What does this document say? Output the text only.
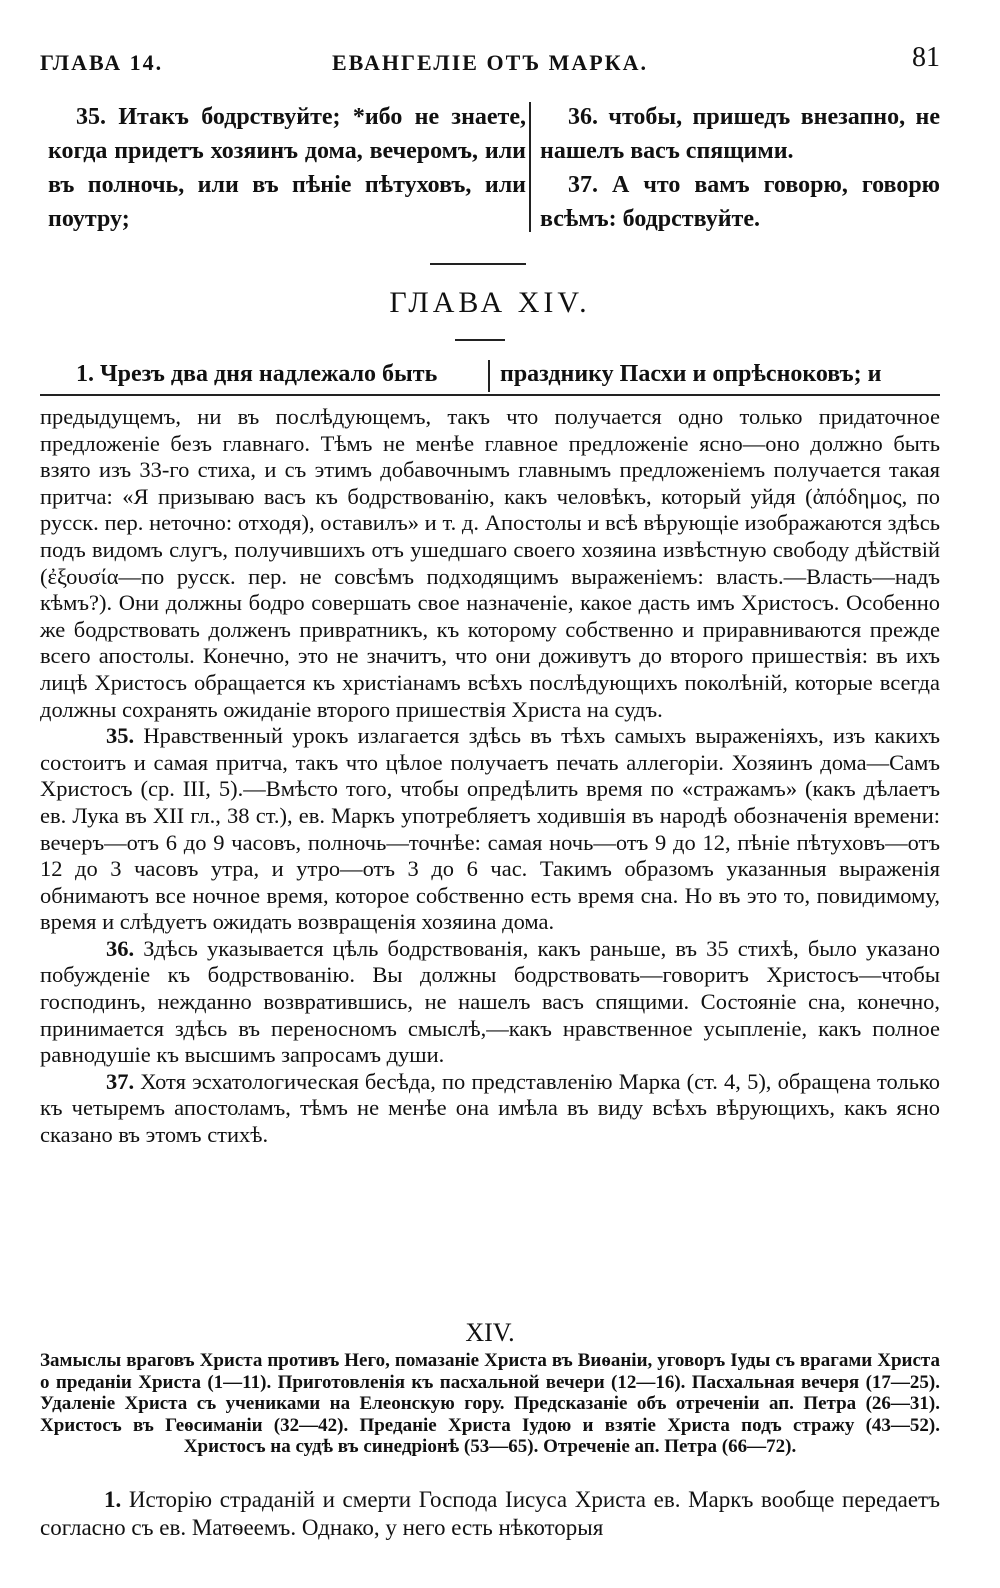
ГЛАВА 14.	ЕВАНГЕЛІЕ ОТЪ МАРКА.	81
35. Итакъ бодрствуйте; *ибо не знаете, когда придетъ хозяинъ дома, вечеромъ, или въ полночь, или въ пѣніе пѣтуховъ, или поутру;
36. чтобы, пришедъ внезапно, не нашелъ васъ спящими.
37. А что вамъ говорю, говорю всѣмъ: бодрствуйте.
ГЛАВА XIV.
1. Чрезъ два дня надлежало быть	празднику Пасхи и опрѣсноковъ; и

предыдущемъ, ни въ послѣдующемъ, такъ что получается одно только придаточное предложеніе безъ главнаго. Тѣмъ не менѣе главное предложеніе ясно—оно должно быть взято изъ 33-го стиха, и съ этимъ добавочнымъ главнымъ предложеніемъ получается такая притча: «Я призываю васъ къ бодрствованію, какъ человѣкъ, который уйдя (ἀπόδημος, по русск. пер. неточно: отходя), оставилъ» и т. д. Апостолы и всѣ вѣрующіе изображаются здѣсь подъ видомъ слугъ, получившихъ отъ ушедшаго своего хозяина извѣстную свободу дѣйствій (ἐξουσία—по русск. пер. не совсѣмъ подходящимъ выраженіемъ: власть.—Власть—надъ кѣмъ?). Они должны бодро совершать свое назначеніе, какое дасть имъ Христосъ. Особенно же бодрствовать долженъ привратникъ, къ которому собственно и приравниваются прежде всего апостолы. Конечно, это не значитъ, что они доживутъ до второго пришествія: въ ихъ лицѣ Христосъ обращается къ христіанамъ всѣхъ послѣдующихъ поколѣній, которые всегда должны сохранять ожиданіе второго пришествія Христа на судъ.

35. Нравственный урокъ излагается здѣсь въ тѣхъ самыхъ выраженіяхъ, изъ какихъ состоитъ и самая притча, такъ что цѣлое получаетъ печать аллегоріи. Хозяинъ дома—Самъ Христосъ (ср. III, 5).—Вмѣсто того, чтобы опредѣлить время по «стражамъ» (какъ дѣлаетъ ев. Лука въ XII гл., 38 ст.), ев. Маркъ употребляетъ ходившія въ народѣ обозначенія времени: вечеръ—отъ 6 до 9 часовъ, полночь—точнѣе: самая ночь—отъ 9 до 12, пѣніе пѣтуховъ—отъ 12 до 3 часовъ утра, и утро—отъ 3 до 6 час. Такимъ образомъ указанныя выраженія обнимаютъ все ночное время, которое собственно есть время сна. Но въ это то, повидимому, время и слѣдуетъ ожидать возвращенія хозяина дома.

36. Здѣсь указывается цѣль бодрствованія, какъ раньше, въ 35 стихѣ, было указано побужденіе къ бодрствованію. Вы должны бодрствовать—говоритъ Христосъ—чтобы господинъ, нежданно возвратившись, не нашелъ васъ спящими. Состояніе сна, конечно, принимается здѣсь въ переносномъ смыслѣ,—какъ нравственное усыпленіе, какъ полное равнодушіе къ высшимъ запросамъ души.

37. Хотя эсхатологическая бесѣда, по представленію Марка (ст. 4, 5), обращена только къ четыремъ апостоламъ, тѣмъ не менѣе она имѣла въ виду всѣхъ вѣрующихъ, какъ ясно сказано въ этомъ стихѣ.

XIV.
Замыслы враговъ Христа противъ Него, помазаніе Христа въ Виѳаніи, уговоръ Іуды съ врагами Христа о преданіи Христа (1—11). Приготовленія къ пасхальной вечери (12—16). Пасхальная вечеря (17—25). Удаленіе Христа съ учениками на Елеонскую гору. Предсказаніе объ отреченіи ап. Петра (26—31). Христосъ въ Геѳсиманіи (32—42). Преданіе Христа Іудою и взятіе Христа подъ стражу (43—52). Христосъ на судѣ въ синедріонѣ (53—65). Отреченіе ап. Петра (66—72).

1. Исторію страданій и смерти Господа Іисуса Христа ев. Маркъ вообще передаетъ согласно съ ев. Матѳеемъ. Однако, у него есть нѣкоторыя
